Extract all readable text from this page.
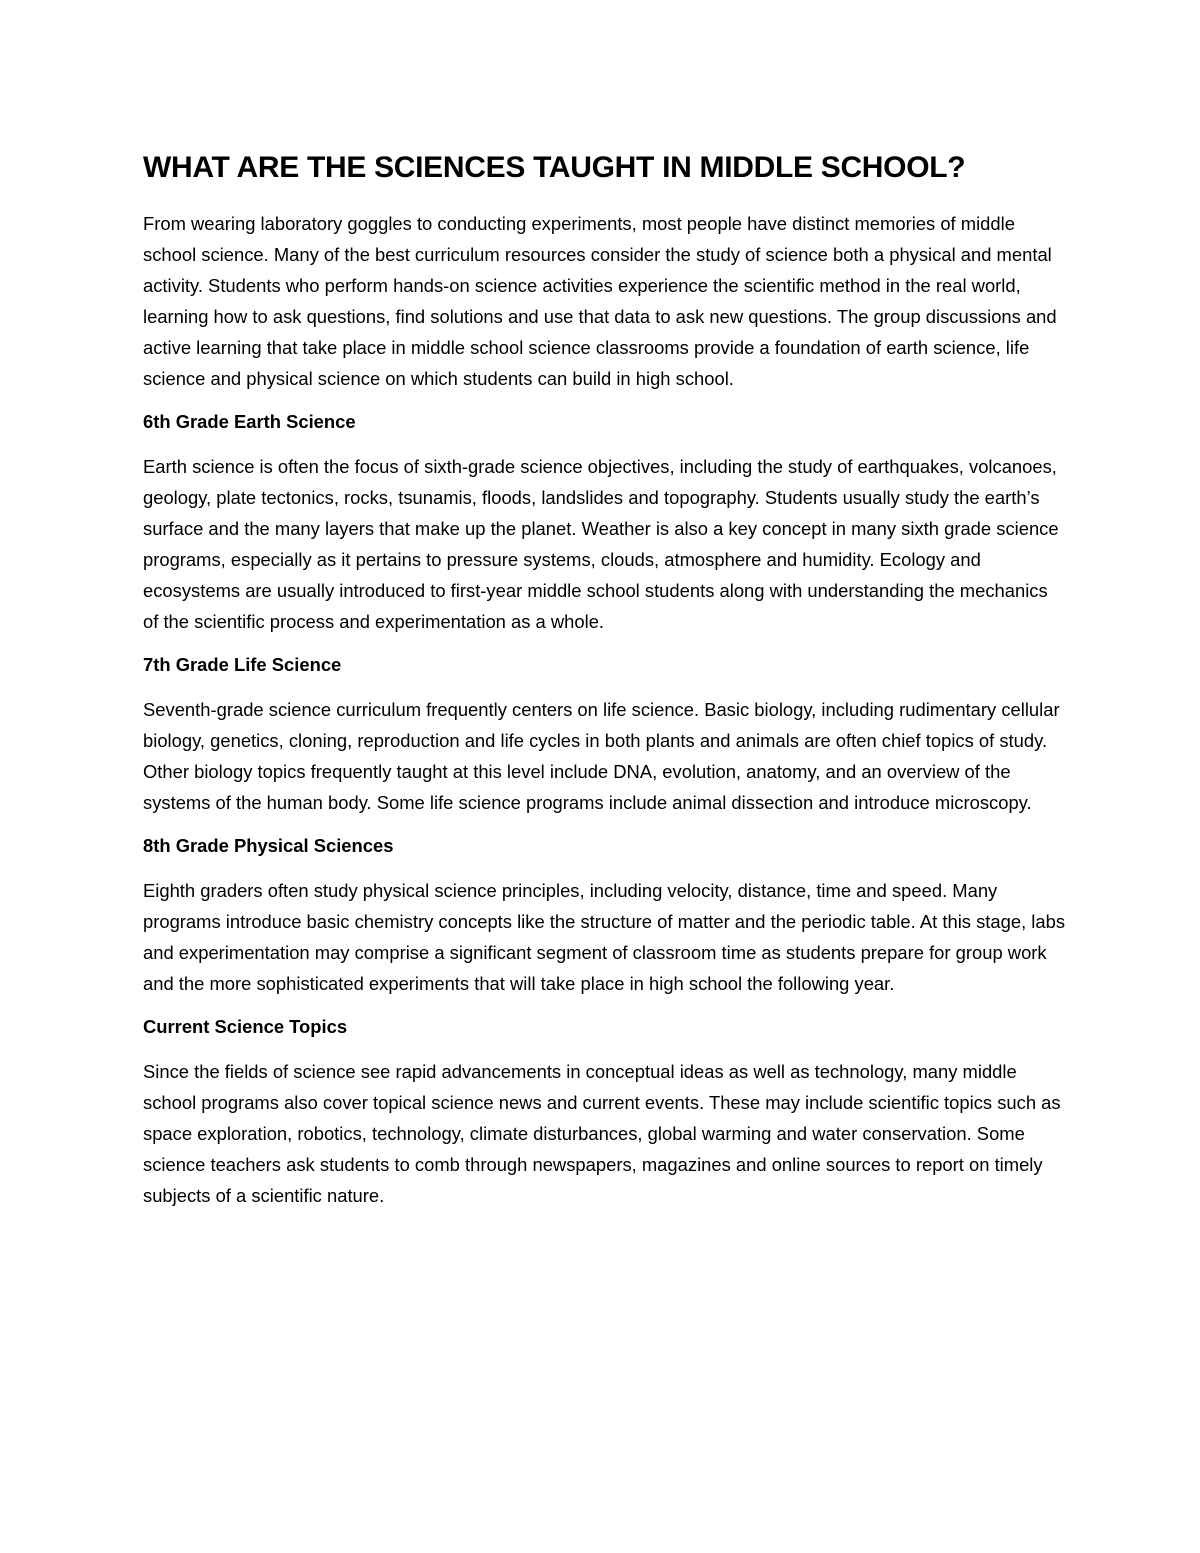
WHAT ARE THE SCIENCES TAUGHT IN MIDDLE SCHOOL?

From wearing laboratory goggles to conducting experiments, most people have distinct memories of middle school science. Many of the best curriculum resources consider the study of science both a physical and mental activity. Students who perform hands-on science activities experience the scientific method in the real world, learning how to ask questions, find solutions and use that data to ask new questions. The group discussions and active learning that take place in middle school science classrooms provide a foundation of earth science, life science and physical science on which students can build in high school.

6th Grade Earth Science

Earth science is often the focus of sixth-grade science objectives, including the study of earthquakes, volcanoes, geology, plate tectonics, rocks, tsunamis, floods, landslides and topography. Students usually study the earth’s surface and the many layers that make up the planet. Weather is also a key concept in many sixth grade science programs, especially as it pertains to pressure systems, clouds, atmosphere and humidity. Ecology and ecosystems are usually introduced to first-year middle school students along with understanding the mechanics of the scientific process and experimentation as a whole.

7th Grade Life Science

Seventh-grade science curriculum frequently centers on life science. Basic biology, including rudimentary cellular biology, genetics, cloning, reproduction and life cycles in both plants and animals are often chief topics of study. Other biology topics frequently taught at this level include DNA, evolution, anatomy, and an overview of the systems of the human body. Some life science programs include animal dissection and introduce microscopy.

8th Grade Physical Sciences

Eighth graders often study physical science principles, including velocity, distance, time and speed. Many programs introduce basic chemistry concepts like the structure of matter and the periodic table. At this stage, labs and experimentation may comprise a significant segment of classroom time as students prepare for group work and the more sophisticated experiments that will take place in high school the following year.

Current Science Topics

Since the fields of science see rapid advancements in conceptual ideas as well as technology, many middle school programs also cover topical science news and current events. These may include scientific topics such as space exploration, robotics, technology, climate disturbances, global warming and water conservation. Some science teachers ask students to comb through newspapers, magazines and online sources to report on timely subjects of a scientific nature.
